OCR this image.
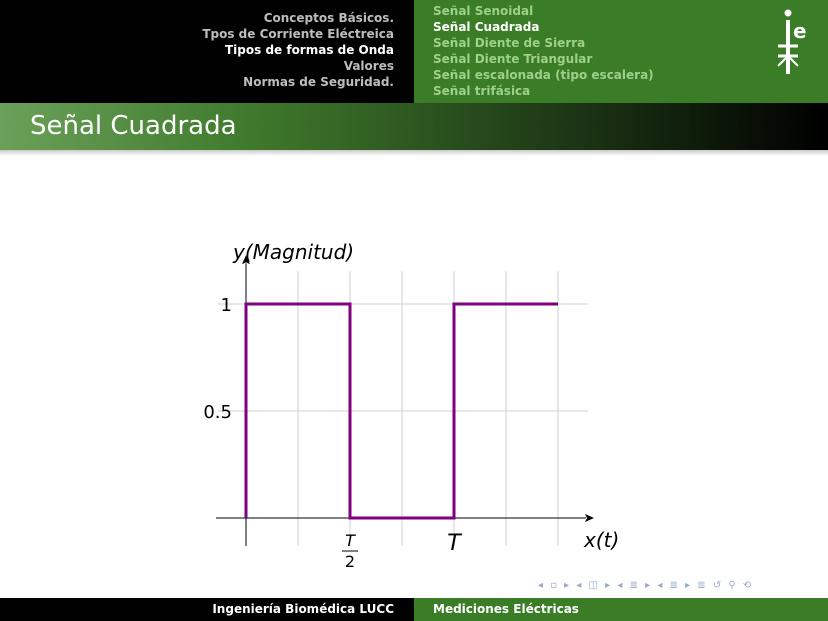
Conceptos Básicos.
Tpos de Corriente Eléctreica
Tipos de formas de Onda
Valores
Normas de Seguridad.
Señal Senoidal
Señal Cuadrada
Señal Diente de Sierra
Señal Diente Triangular
Señal escalonada (tipo escalera)
Señal trifásica
e
Señal Cuadrada
0.5
1
T
2
T
y(Magnitud)
x(t)
◂ ▫ ▸ ◂ ◫ ▸ ◂ ≣ ▸ ◂ ≣ ▸ ≣ ↺ ⚲ ⟲
Ingeniería Biomédica LUCC	Mediciones Eléctricas
